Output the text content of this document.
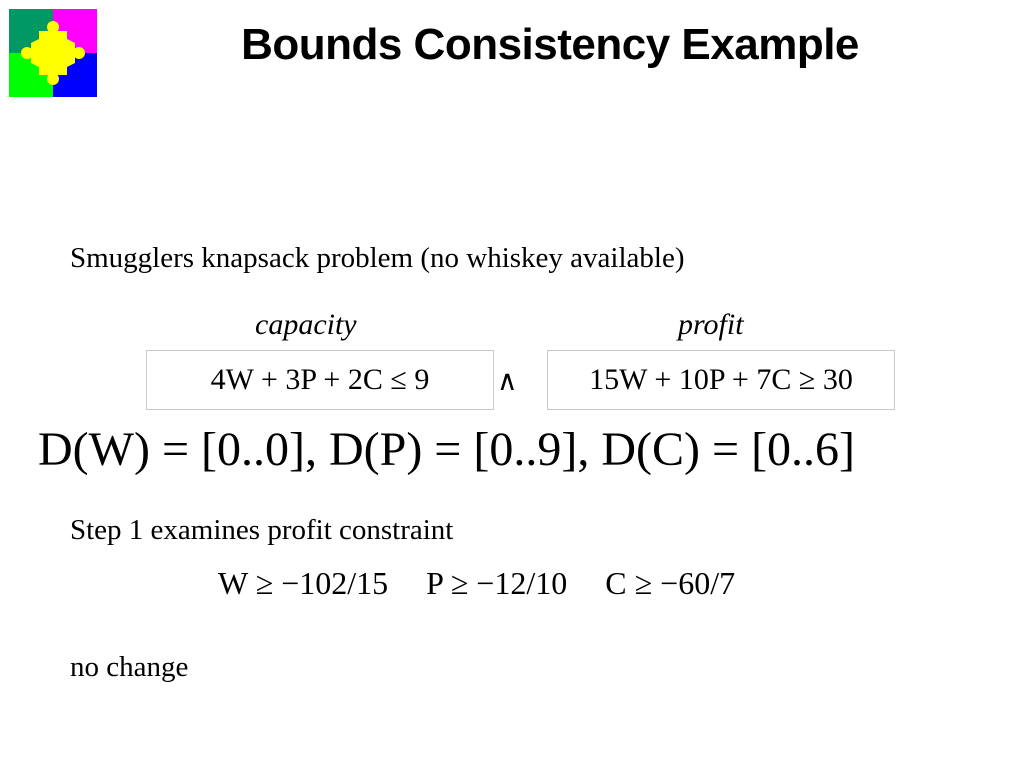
Bounds Consistency Example
Smugglers knapsack problem (no whiskey available)
capacity	profit
4W + 3P + 2C ≤ 9 ∧ 15W + 10P + 7C ≥ 30
D(W) = [0..0], D(P) = [0..9], D(C) = [0..6]
Step 1 examines profit constraint
W ≥ −102/15 P ≥ −12/10 C ≥ −60/7
no change
